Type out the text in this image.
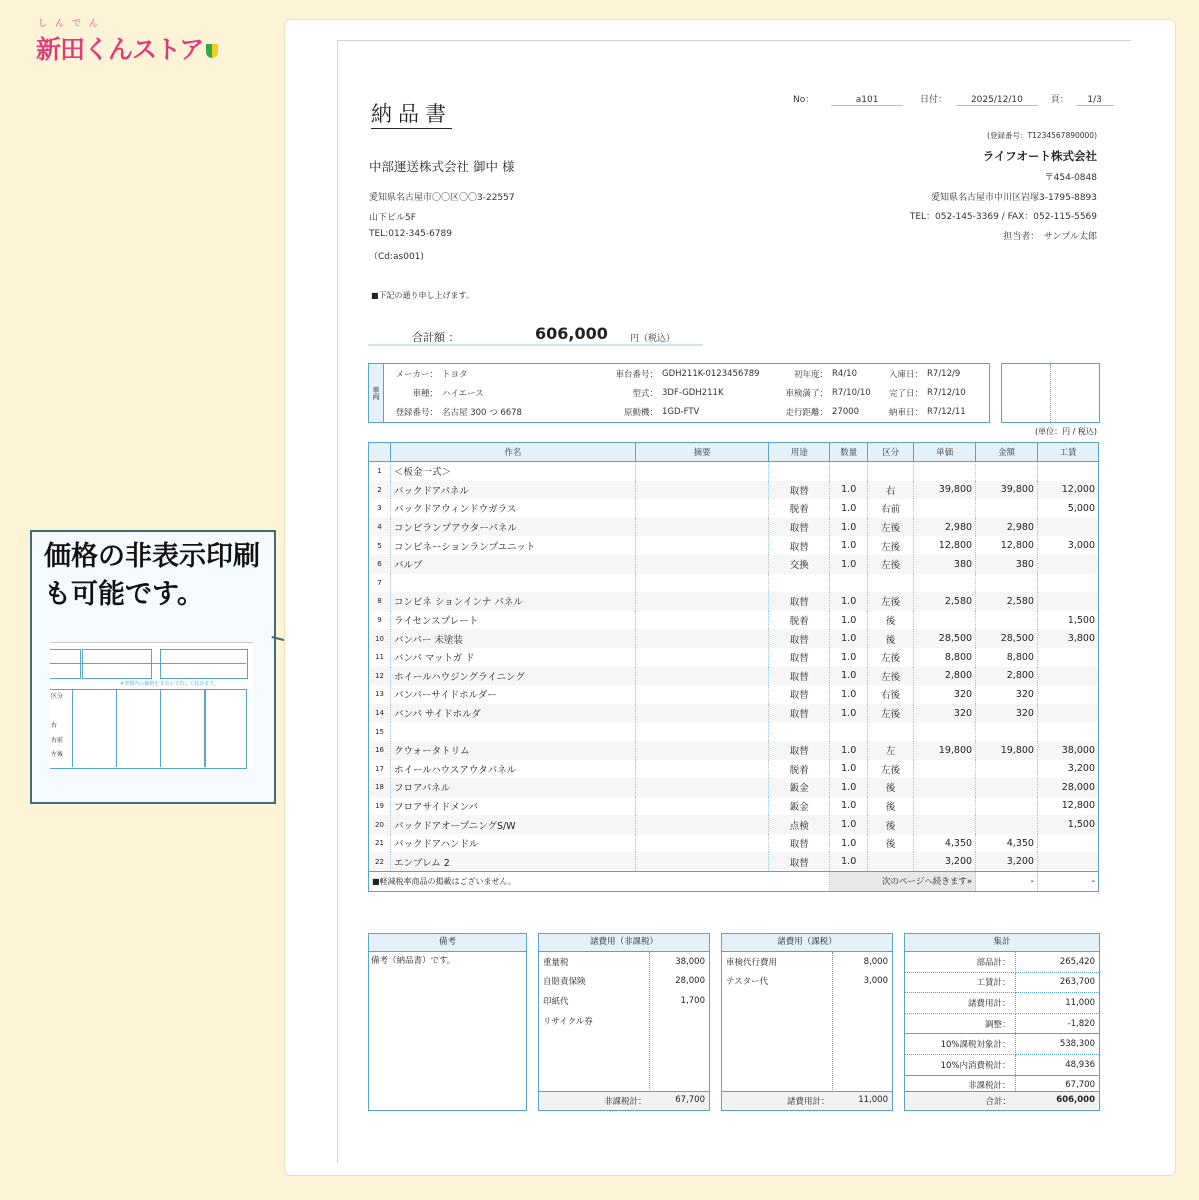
しんでん
新田くんストア
価格の非表示印刷も可能です。
※書類内の価格を非表示で出して届けます。
区分
右
右前
左後
納品書
No：	a101	日付：	2025/12/10	頁： 1/3
中部運送株式会社 御中 様
愛知県名古屋市〇〇区〇〇3-22557
山下ビル5F
TEL:012-345-6789
（Cd:as001)
(登録番号：T1234567890000)
ライフオート株式会社
〒454-0848
愛知県名古屋市中川区岩塚3-1795-8893
TEL：052-145-3369 / FAX：052-115-5569
担当者：　サンプル太郎
■下記の通り申し上げます。
合計額 ：	606,000 円（税込）
車両
メーカー：	トヨタ	車台番号：	GDH211K-0123456789	初年度：	R4/10	入庫日：	R7/12/9
車種：	ハイエース	型式：	3DF-GDH211K	車検満了：	R7/10/10	完了日：	R7/12/10
登録番号：	名古屋 300 つ 6678	原動機：	1GD-FTV	走行距離：	27000	納車日：	R7/12/11
(単位：円 / 税込)
	作名	摘要	用途	数量	区分	単価	金額	工賃
1	＜板金一式＞							
2	バックドアパネル		取替	1.0	右	39,800	39,800	12,000
3	バックドアウィンドウガラス		脱着	1.0	右前			5,000
4	コンビランプアウターパネル		取替	1.0	左後	2,980	2,980	
5	コンビネーションランプユニット		取替	1.0	左後	12,800	12,800	3,000
6	バルブ		交換	1.0	左後	380	380	
7								
8	コンビネ ションインナ パネル		取替	1.0	左後	2,580	2,580	
9	ライセンスプレート		脱着	1.0	後			1,500
10	バンパー 未塗装		取替	1.0	後	28,500	28,500	3,800
11	バンパ マットガ ド		取替	1.0	左後	8,800	8,800	
12	ホイールハウジングライニング		取替	1.0	左後	2,800	2,800	
13	バンパーサイドホルダー		取替	1.0	右後	320	320	
14	バンパ サイドホルダ		取替	1.0	左後	320	320	
15								
16	クウォータトリム		取替	1.0	左	19,800	19,800	38,000
17	ホイールハウスアウタパネル		脱着	1.0	左後			3,200
18	フロアパネル		鈑金	1.0	後			28,000
19	フロアサイドメンバ		鈑金	1.0	後			12,800
20	バックドアオープニングS/W		点検	1.0	後			1,500
21	バックドアハンドル		取替	1.0	後	4,350	4,350	
22	エンブレム 2		取替	1.0		3,200	3,200	
■軽減税率商品の掲載はございません。				次のページへ続きます»			-	-
備考
備考（納品書）です。
諸費用（非課税）
重量税	38,000
自賠責保険	28,000
印紙代	1,700
リサイクル券	
非課税計：	67,700
諸費用（課税）
車検代行費用	8,000
テスター代	3,000
諸費用計：	11,000
集計
部品計：	265,420
工賃計：	263,700
諸費用計：	11,000
調整：	-1,820
10%課税対象計：	538,300
10%内消費税計：	48,936
非課税計：	67,700
合計：	606,000
